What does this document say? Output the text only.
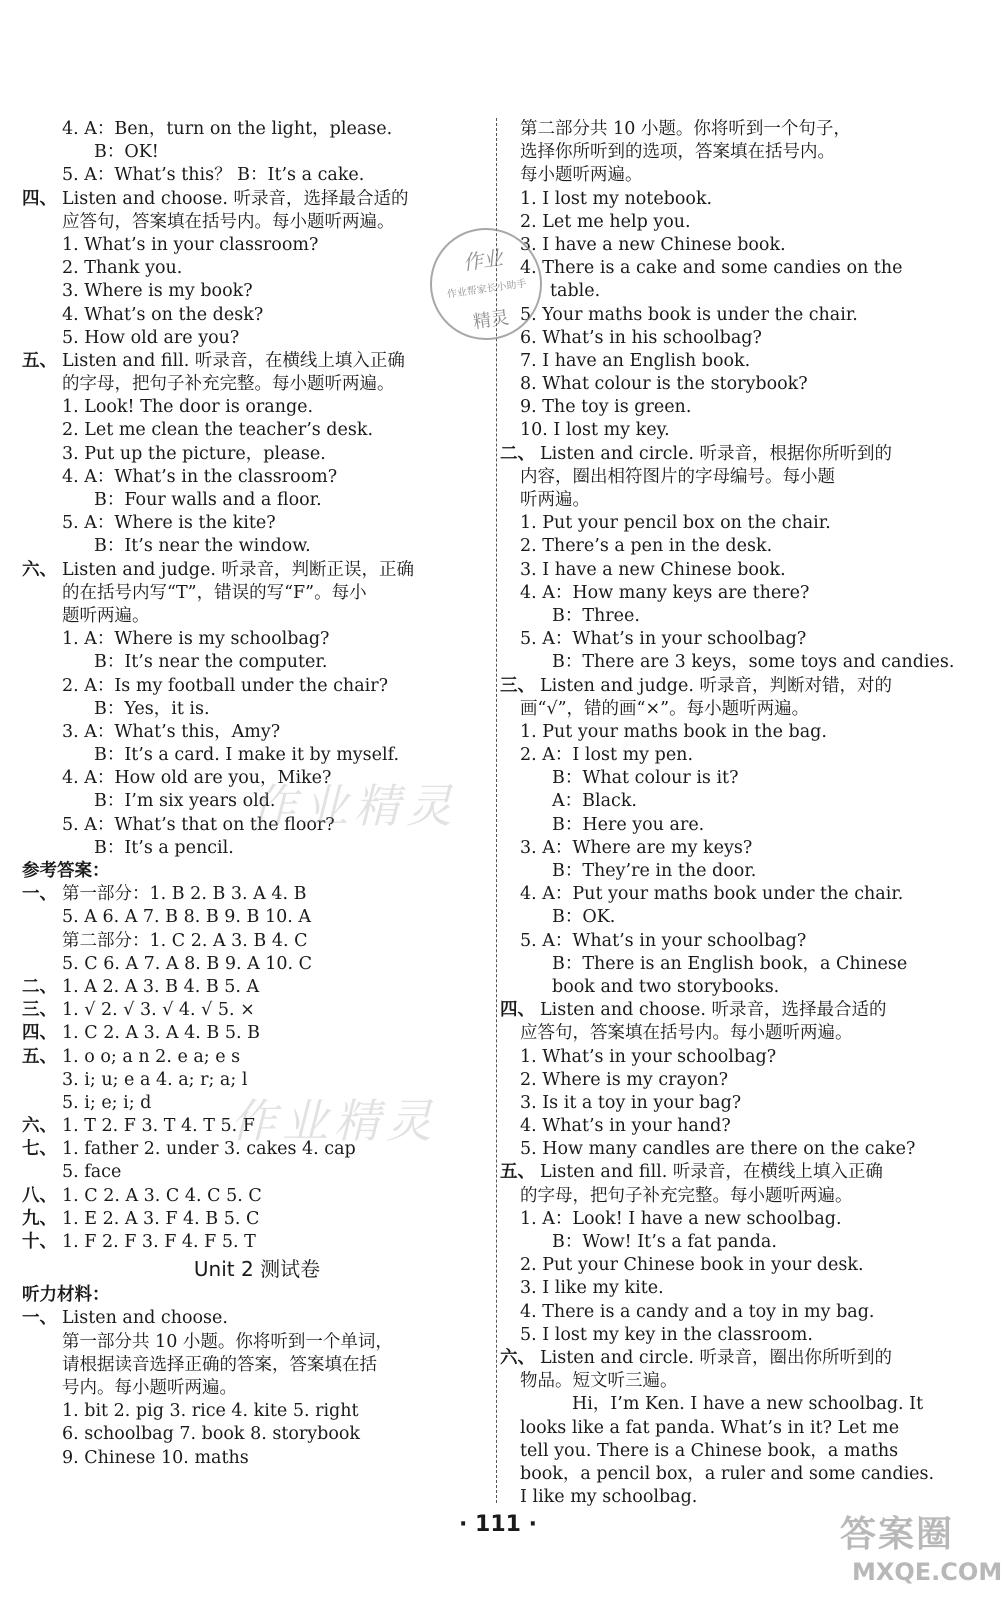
4. A：Ben，turn on the light，please.
B：OK!
5. A：What’s this？ B：It’s a cake.
四、 Listen and choose. 听录音，选择最合适的
应答句，答案填在括号内。每小题听两遍。
1. What’s in your classroom?
2. Thank you.
3. Where is my book?
4. What’s on the desk?
5. How old are you?
五、 Listen and fill. 听录音，在横线上填入正确
的字母，把句子补充完整。每小题听两遍。
1. Look! The door is orange.
2. Let me clean the teacher’s desk.
3. Put up the picture，please.
4. A：What’s in the classroom?
B：Four walls and a floor.
5. A：Where is the kite?
B：It’s near the window.
六、 Listen and judge. 听录音，判断正误，正确
的在括号内写“T”，错误的写“F”。每小
题听两遍。
1. A：Where is my schoolbag?
B：It’s near the computer.
2. A：Is my football under the chair?
B：Yes，it is.
3. A：What’s this，Amy?
B：It’s a card. I make it by myself.
4. A：How old are you，Mike?
B：I’m six years old.
5. A：What’s that on the floor?
B：It’s a pencil.
参考答案：
一、 第一部分：1. B 2. B 3. A 4. B
5. A 6. A 7. B 8. B 9. B 10. A
第二部分：1. C 2. A 3. B 4. C
5. C 6. A 7. A 8. B 9. A 10. C
二、 1. A 2. A 3. B 4. B 5. A
三、 1. √ 2. √ 3. √ 4. √ 5. ×
四、 1. C 2. A 3. A 4. B 5. B
五、 1. o o; a n 2. e a; e s
3. i; u; e a 4. a; r; a; l
5. i; e; i; d
六、 1. T 2. F 3. T 4. T 5. F
七、 1. father 2. under 3. cakes 4. cap
5. face
八、 1. C 2. A 3. C 4. C 5. C
九、 1. E 2. A 3. F 4. B 5. C
十、 1. F 2. F 3. F 4. F 5. T
Unit 2 测试卷
听力材料：
一、 Listen and choose.
第一部分共 10 小题。你将听到一个单词，
请根据读音选择正确的答案，答案填在括
号内。每小题听两遍。
1. bit 2. pig 3. rice 4. kite 5. right
6. schoolbag 7. book 8. storybook
9. Chinese 10. maths
第二部分共 10 小题。你将听到一个句子，
选择你所听到的选项，答案填在括号内。
每小题听两遍。
1. I lost my notebook.
2. Let me help you.
3. I have a new Chinese book.
4. There is a cake and some candies on the
table.
5. Your maths book is under the chair.
6. What’s in his schoolbag?
7. I have an English book.
8. What colour is the storybook?
9. The toy is green.
10. I lost my key.
二、 Listen and circle. 听录音，根据你所听到的
内容，圈出相符图片的字母编号。每小题
听两遍。
1. Put your pencil box on the chair.
2. There’s a pen in the desk.
3. I have a new Chinese book.
4. A：How many keys are there?
B：Three.
5. A：What’s in your schoolbag?
B：There are 3 keys，some toys and candies.
三、 Listen and judge. 听录音，判断对错，对的
画“√”，错的画“×”。每小题听两遍。
1. Put your maths book in the bag.
2. A：I lost my pen.
B：What colour is it?
A：Black.
B：Here you are.
3. A：Where are my keys?
B：They’re in the door.
4. A：Put your maths book under the chair.
B：OK.
5. A：What’s in your schoolbag?
B：There is an English book，a Chinese
book and two storybooks.
四、 Listen and choose. 听录音，选择最合适的
应答句，答案填在括号内。每小题听两遍。
1. What’s in your schoolbag?
2. Where is my crayon?
3. Is it a toy in your bag?
4. What’s in your hand?
5. How many candles are there on the cake?
五、 Listen and fill. 听录音，在横线上填入正确
的字母，把句子补充完整。每小题听两遍。
1. A：Look! I have a new schoolbag.
B：Wow! It’s a fat panda.
2. Put your Chinese book in your desk.
3. I like my kite.
4. There is a candy and a toy in my bag.
5. I lost my key in the classroom.
六、 Listen and circle. 听录音，圈出你所听到的
物品。短文听三遍。
Hi，I’m Ken. I have a new schoolbag. It
looks like a fat panda. What’s in it? Let me
tell you. There is a Chinese book，a maths
book，a pencil box，a ruler and some candies.
I like my schoolbag.
作业
作业帮家长小助手
精灵
作业精灵
作业精灵
· 111 ·	答案圈
MXQE.COM
